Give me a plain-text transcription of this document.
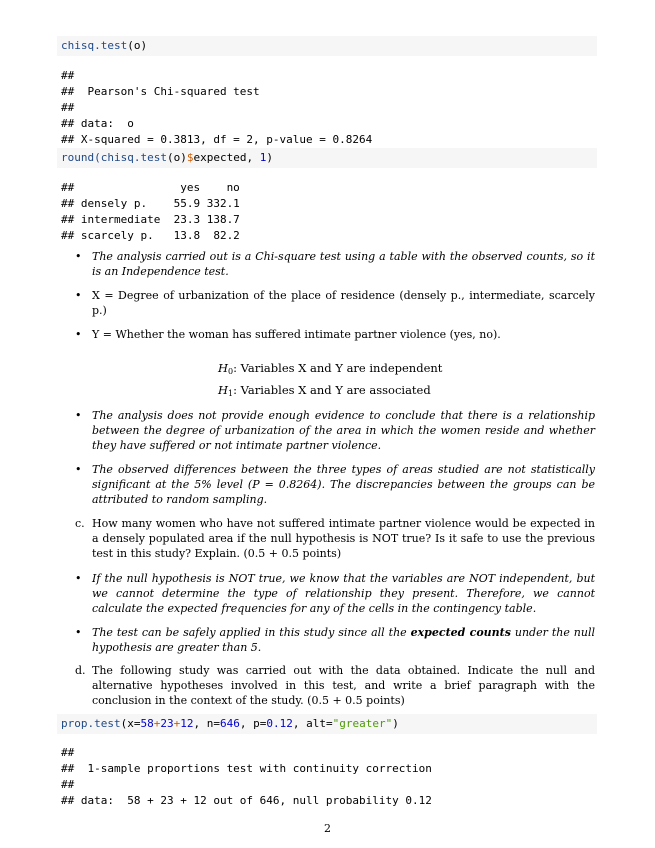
chisq.test(o)
##
##  Pearson's Chi-squared test
##
## data:  o
## X-squared = 0.3813, df = 2, p-value = 0.8264
round(chisq.test(o)$expected, 1)
##                yes    no
## densely p.    55.9 332.1
## intermediate  23.3 138.7
## scarcely p.   13.8  82.2
• The analysis carried out is a Chi-square test using a table with the observed counts, so it is an Independence test.
• X = Degree of urbanization of the place of residence (densely p., intermediate, scarcely p.)
• Y = Whether the woman has suffered intimate partner violence (yes, no).
$H_0$: Variables X and Y are independent
$H_1$: Variables X and Y are associated
• The analysis does not provide enough evidence to conclude that there is a relationship between the degree of urbanization of the area in which the women reside and whether they have suffered or not intimate partner violence.
• The observed differences between the three types of areas studied are not statistically significant at the 5% level (P = 0.8264). The discrepancies between the groups can be attributed to random sampling.
c. How many women who have not suffered intimate partner violence would be expected in a densely populated area if the null hypothesis is NOT true? Is it safe to use the previous test in this study? Explain. (0.5 + 0.5 points)
• If the null hypothesis is NOT true, we know that the variables are NOT independent, but we cannot determine the type of relationship they present. Therefore, we cannot calculate the expected frequencies for any of the cells in the contingency table.
• The test can be safely applied in this study since all the expected counts under the null hypothesis are greater than 5.
d. The following study was carried out with the data obtained. Indicate the null and alternative hypotheses involved in this test, and write a brief paragraph with the conclusion in the context of the study. (0.5 + 0.5 points)
prop.test(x=58+23+12, n=646, p=0.12, alt="greater")
##
##  1-sample proportions test with continuity correction
##
## data:  58 + 23 + 12 out of 646, null probability 0.12
2
